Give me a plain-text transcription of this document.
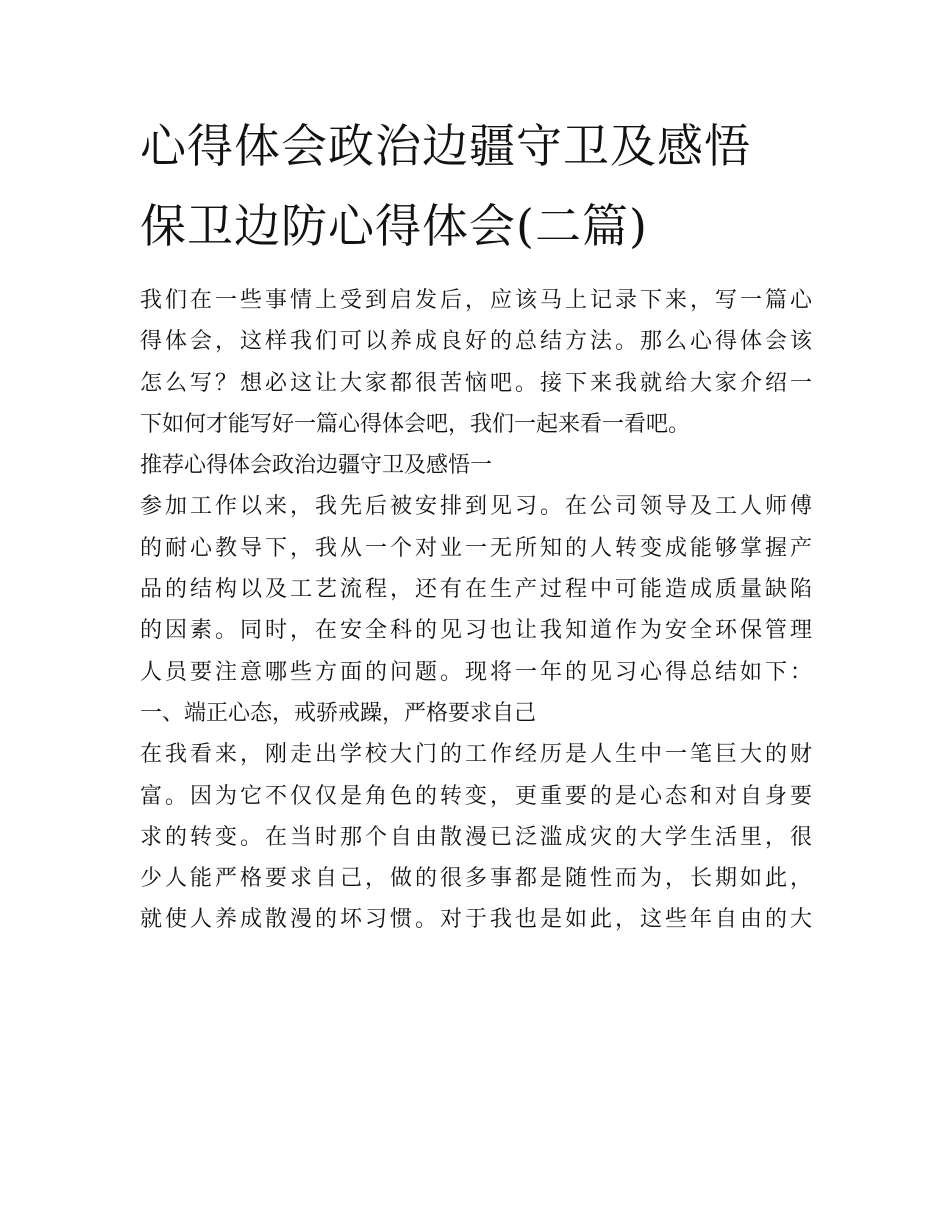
心得体会政治边疆守卫及感悟
保卫边防心得体会(二篇)
我们在一些事情上受到启发后，应该马上记录下来，写一篇心
得体会，这样我们可以养成良好的总结方法。那么心得体会该
怎么写？想必这让大家都很苦恼吧。接下来我就给大家介绍一
下如何才能写好一篇心得体会吧，我们一起来看一看吧。
推荐心得体会政治边疆守卫及感悟一
参加工作以来，我先后被安排到见习。在公司领导及工人师傅
的耐心教导下，我从一个对业一无所知的人转变成能够掌握产
品的结构以及工艺流程，还有在生产过程中可能造成质量缺陷
的因素。同时，在安全科的见习也让我知道作为安全环保管理
人员要注意哪些方面的问题。现将一年的见习心得总结如下：
一、端正心态，戒骄戒躁，严格要求自己
在我看来，刚走出学校大门的工作经历是人生中一笔巨大的财
富。因为它不仅仅是角色的转变，更重要的是心态和对自身要
求的转变。在当时那个自由散漫已泛滥成灾的大学生活里，很
少人能严格要求自己，做的很多事都是随性而为，长期如此，
就使人养成散漫的坏习惯。对于我也是如此，这些年自由的大
